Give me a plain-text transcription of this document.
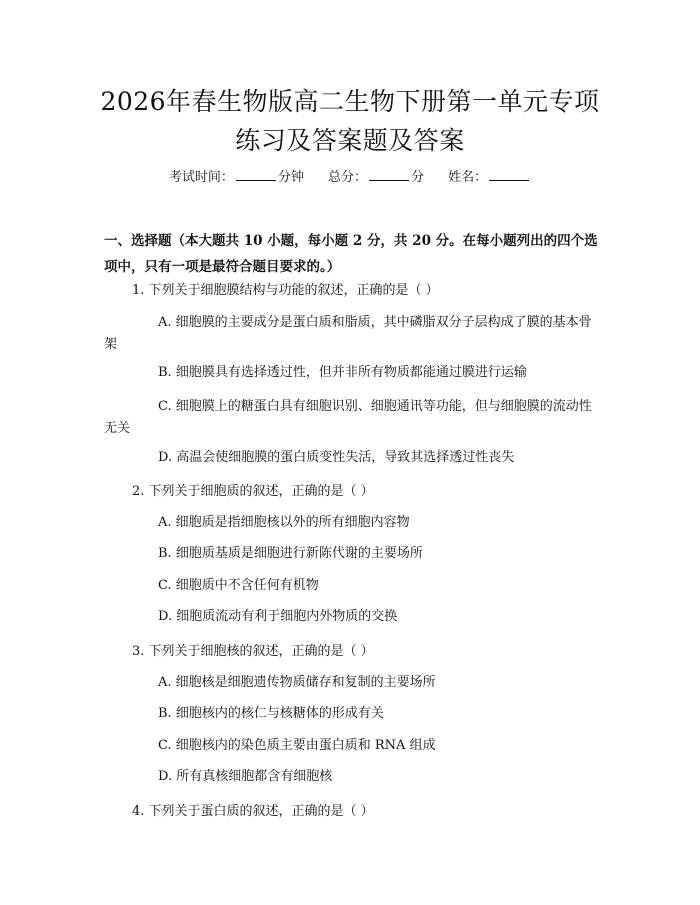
2026年春生物版高二生物下册第一单元专项
练习及答案题及答案
考试时间：	分钟 总分：	分 姓名：
一、选择题（本大题共 10 小题，每小题 2 分，共 20 分。在每小题列出的四个选项中，只有一项是最符合题目要求的。）
1. 下列关于细胞膜结构与功能的叙述，正确的是（ ）
A. 细胞膜的主要成分是蛋白质和脂质，其中磷脂双分子层构成了膜的基本骨架
B. 细胞膜具有选择透过性，但并非所有物质都能通过膜进行运输
C. 细胞膜上的糖蛋白具有细胞识别、细胞通讯等功能，但与细胞膜的流动性无关
D. 高温会使细胞膜的蛋白质变性失活，导致其选择透过性丧失
2. 下列关于细胞质的叙述，正确的是（ ）
A. 细胞质是指细胞核以外的所有细胞内容物
B. 细胞质基质是细胞进行新陈代谢的主要场所
C. 细胞质中不含任何有机物
D. 细胞质流动有利于细胞内外物质的交换
3. 下列关于细胞核的叙述，正确的是（ ）
A. 细胞核是细胞遗传物质储存和复制的主要场所
B. 细胞核内的核仁与核糖体的形成有关
C. 细胞核内的染色质主要由蛋白质和 RNA 组成
D. 所有真核细胞都含有细胞核
4. 下列关于蛋白质的叙述，正确的是（ ）
